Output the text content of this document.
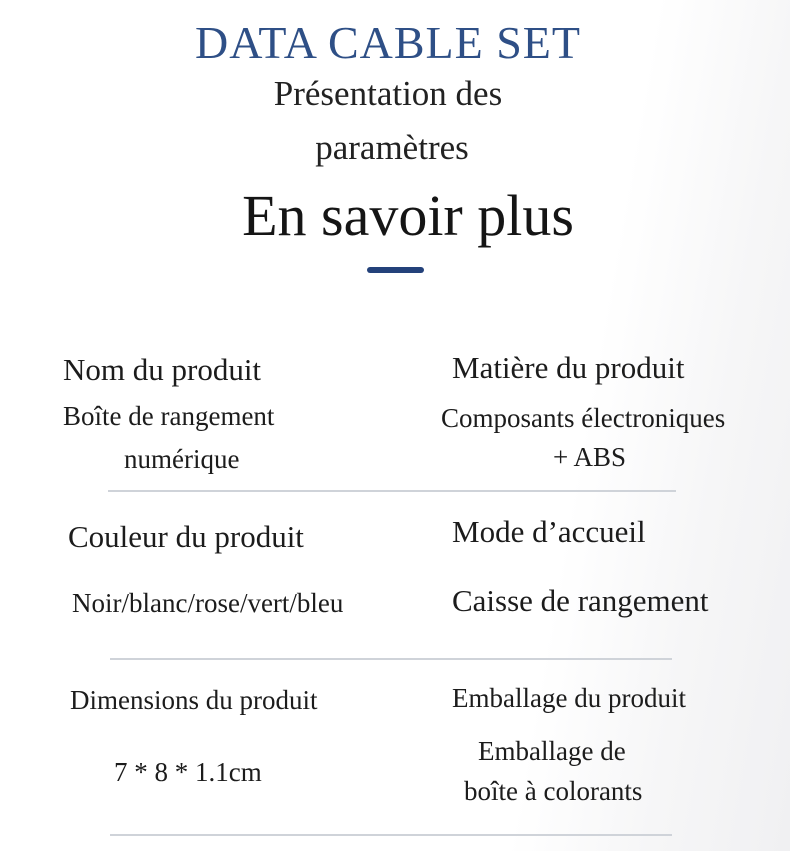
DATA CABLE SET
Présentation des
paramètres
En savoir plus
Nom du produit
Boîte de rangement
numérique
Matière du produit
Composants électroniques
+ ABS
Couleur du produit
Noir/blanc/rose/vert/bleu
Mode d’accueil
Caisse de rangement
Dimensions du produit
7 * 8 * 1.1cm
Emballage du produit
Emballage de
boîte à colorants
